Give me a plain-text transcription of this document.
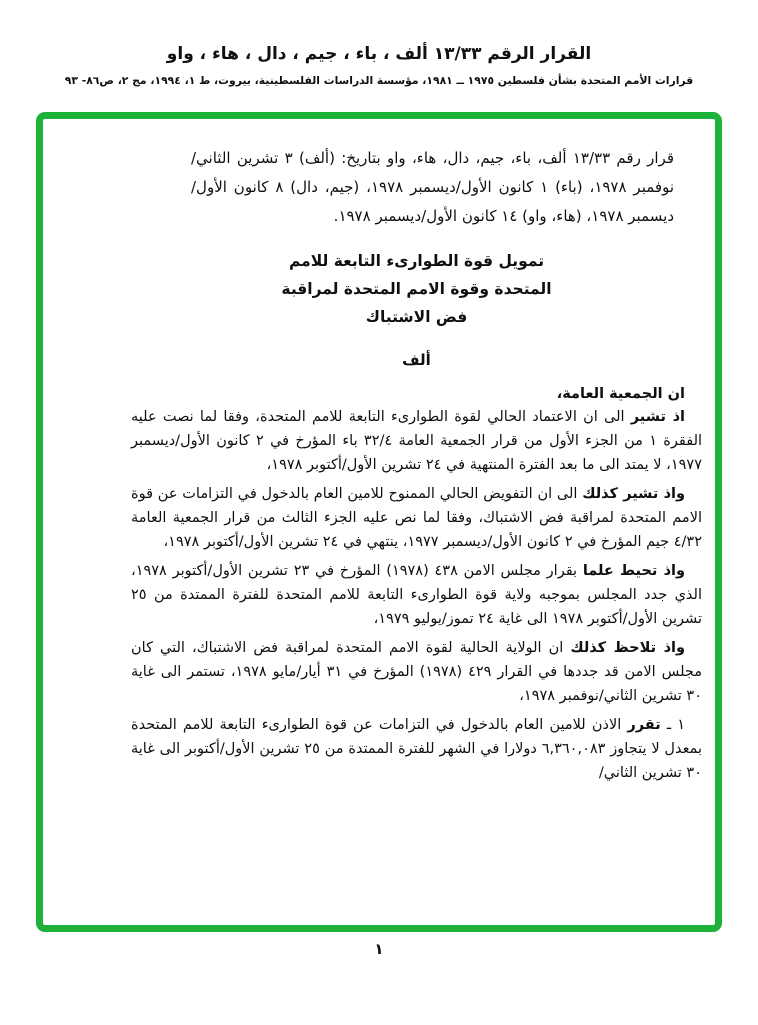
القرار الرقم ١٣/٣٣ ألف ، باء ، جيم ، دال ، هاء ، واو
قرارات الأمم المتحدة بشأن فلسطين ١٩٧٥ ــ ١٩٨١، مؤسسة الدراسات الفلسطينية، بيروت، ط ١، ١٩٩٤، مج ٢، ص٨٦- ٩٣

قرار رقم ١٣/٣٣ ألف، باء، جيم، دال، هاء، واو بتاريخ: (ألف) ٣ تشرين الثاني/نوفمبر ١٩٧٨، (باء) ١ كانون الأول/ديسمبر ١٩٧٨، (جيم، دال) ٨ كانون الأول/ديسمبر ١٩٧٨، (هاء، واو) ١٤ كانون الأول/ديسمبر ١٩٧٨.

تمويل قوة الطوارىء التابعة للامم
المتحدة وقوة الامم المتحدة لمراقبة
فض الاشتباك
ألف

ان الجمعية العامة،

اذ تشير الى ان الاعتماد الحالي لقوة الطوارىء التابعة للامم المتحدة، وفقا لما نصت عليه الفقرة ١ من الجزء الأول من قرار الجمعية العامة ٣٢/٤ باء المؤرخ في ٢ كانون الأول/ديسمبر ١٩٧٧، لا يمتد الى ما بعد الفترة المنتهية في ٢٤ تشرين الأول/أكتوبر ١٩٧٨،

واذ تشير كذلك الى ان التفويض الحالي الممنوح للامين العام بالدخول في التزامات عن قوة الامم المتحدة لمراقبة فض الاشتباك، وفقا لما نص عليه الجزء الثالث من قرار الجمعية العامة ٤/٣٢ جيم المؤرخ في ٢ كانون الأول/ديسمبر ١٩٧٧، ينتهي في ٢٤ تشرين الأول/أكتوبر ١٩٧٨،

واذ تحيط علما بقرار مجلس الامن ٤٣٨ (١٩٧٨) المؤرخ في ٢٣ تشرين الأول/أكتوبر ١٩٧٨، الذي جدد المجلس بموجبه ولاية قوة الطوارىء التابعة للامم المتحدة للفترة الممتدة من ٢٥ تشرين الأول/أكتوبر ١٩٧٨ الى غاية ٢٤ تموز/يوليو ١٩٧٩،

واذ تلاحظ كذلك ان الولاية الحالية لقوة الامم المتحدة لمراقبة فض الاشتباك، التي كان مجلس الامن قد جددها في القرار ٤٢٩ (١٩٧٨) المؤرخ في ٣١ أيار/مايو ١٩٧٨، تستمر الى غاية ٣٠ تشرين الثاني/نوفمبر ١٩٧٨،

١ ـ تقرر الاذن للامين العام بالدخول في التزامات عن قوة الطوارىء التابعة للامم المتحدة بمعدل لا يتجاوز ٦,٣٦٠,٠٨٣ دولارا في الشهر للفترة الممتدة من ٢٥ تشرين الأول/أكتوبر الى غاية ٣٠ تشرين الثاني/

١
